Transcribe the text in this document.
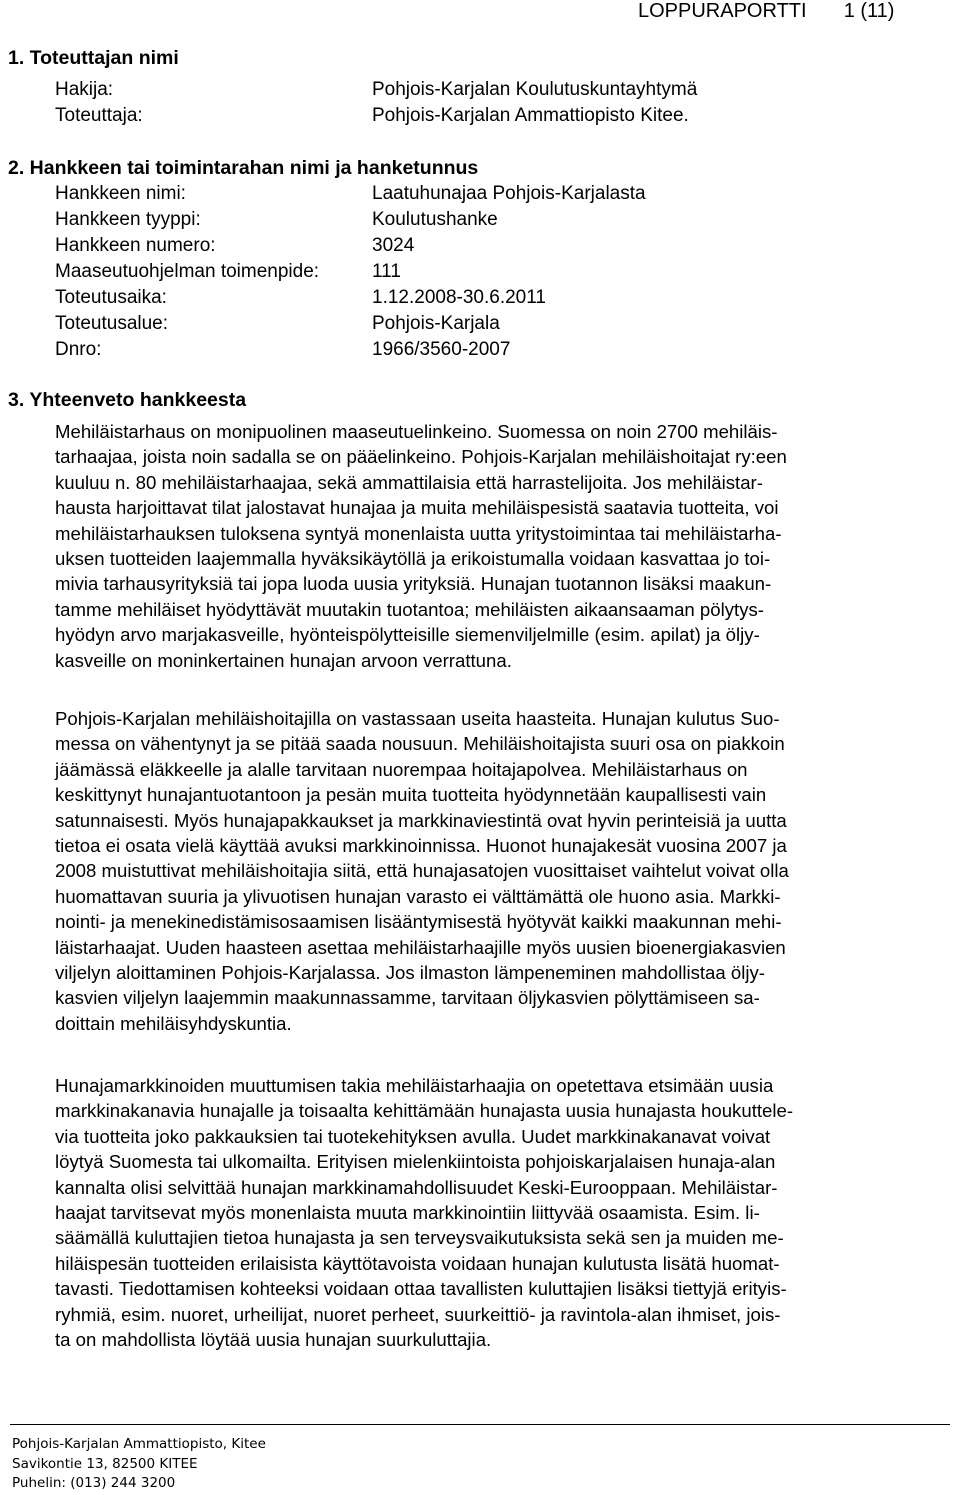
LOPPURAPORTTI 1 (11)
1. Toteuttajan nimi
Hakija:	Pohjois-Karjalan Koulutuskuntayhtymä
Toteuttaja:	Pohjois-Karjalan Ammattiopisto Kitee.
2. Hankkeen tai toimintarahan nimi ja hanketunnus
Hankkeen nimi:	Laatuhunajaa Pohjois-Karjalasta
Hankkeen tyyppi:	Koulutushanke
Hankkeen numero:	3024
Maaseutuohjelman toimenpide:	111
Toteutusaika:	1.12.2008-30.6.2011
Toteutusalue:	Pohjois-Karjala
Dnro:	1966/3560-2007
3. Yhteenveto hankkeesta
Mehiläistarhaus on monipuolinen maaseutuelinkeino. Suomessa on noin 2700 mehiläis-
tarhaajaa, joista noin sadalla se on pääelinkeino. Pohjois-Karjalan mehiläishoitajat ry:een
kuuluu n. 80 mehiläistarhaajaa, sekä ammattilaisia että harrastelijoita. Jos mehiläistar-
hausta harjoittavat tilat jalostavat hunajaa ja muita mehiläispesistä saatavia tuotteita, voi
mehiläistarhauksen tuloksena syntyä monenlaista uutta yritystoimintaa tai mehiläistarha-
uksen tuotteiden laajemmalla hyväksikäytöllä ja erikoistumalla voidaan kasvattaa jo toi-
mivia tarhausyrityksiä tai jopa luoda uusia yrityksiä. Hunajan tuotannon lisäksi maakun-
tamme mehiläiset hyödyttävät muutakin tuotantoa; mehiläisten aikaansaaman pölytys-
hyödyn arvo marjakasveille, hyönteispölytteisille siemenviljelmille (esim. apilat) ja öljy-
kasveille on moninkertainen hunajan arvoon verrattuna.
Pohjois-Karjalan mehiläishoitajilla on vastassaan useita haasteita. Hunajan kulutus Suo-
messa on vähentynyt ja se pitää saada nousuun. Mehiläishoitajista suuri osa on piakkoin
jäämässä eläkkeelle ja alalle tarvitaan nuorempaa hoitajapolvea. Mehiläistarhaus on
keskittynyt hunajantuotantoon ja pesän muita tuotteita hyödynnetään kaupallisesti vain
satunnaisesti. Myös hunajapakkaukset ja markkinaviestintä ovat hyvin perinteisiä ja uutta
tietoa ei osata vielä käyttää avuksi markkinoinnissa. Huonot hunajakesät vuosina 2007 ja
2008 muistuttivat mehiläishoitajia siitä, että hunajasatojen vuosittaiset vaihtelut voivat olla
huomattavan suuria ja ylivuotisen hunajan varasto ei välttämättä ole huono asia. Markki-
nointi- ja menekinedistämisosaamisen lisääntymisestä hyötyvät kaikki maakunnan mehi-
läistarhaajat. Uuden haasteen asettaa mehiläistarhaajille myös uusien bioenergiakasvien
viljelyn aloittaminen Pohjois-Karjalassa. Jos ilmaston lämpeneminen mahdollistaa öljy-
kasvien viljelyn laajemmin maakunnassamme, tarvitaan öljykasvien pölyttämiseen sa-
doittain mehiläisyhdyskuntia.
Hunajamarkkinoiden muuttumisen takia mehiläistarhaajia on opetettava etsimään uusia
markkinakanavia hunajalle ja toisaalta kehittämään hunajasta uusia hunajasta houkuttele-
via tuotteita joko pakkauksien tai tuotekehityksen avulla. Uudet markkinakanavat voivat
löytyä Suomesta tai ulkomailta. Erityisen mielenkiintoista pohjoiskarjalaisen hunaja-alan
kannalta olisi selvittää hunajan markkinamahdollisuudet Keski-Eurooppaan. Mehiläistar-
haajat tarvitsevat myös monenlaista muuta markkinointiin liittyvää osaamista. Esim. li-
säämällä kuluttajien tietoa hunajasta ja sen terveysvaikutuksista sekä sen ja muiden me-
hiläispesän tuotteiden erilaisista käyttötavoista voidaan hunajan kulutusta lisätä huomat-
tavasti. Tiedottamisen kohteeksi voidaan ottaa tavallisten kuluttajien lisäksi tiettyjä erityis-
ryhmiä, esim. nuoret, urheilijat, nuoret perheet, suurkeittiö- ja ravintola-alan ihmiset, jois-
ta on mahdollista löytää uusia hunajan suurkuluttajia.
Pohjois-Karjalan Ammattiopisto, Kitee
Savikontie 13, 82500 KITEE
Puhelin: (013) 244 3200
